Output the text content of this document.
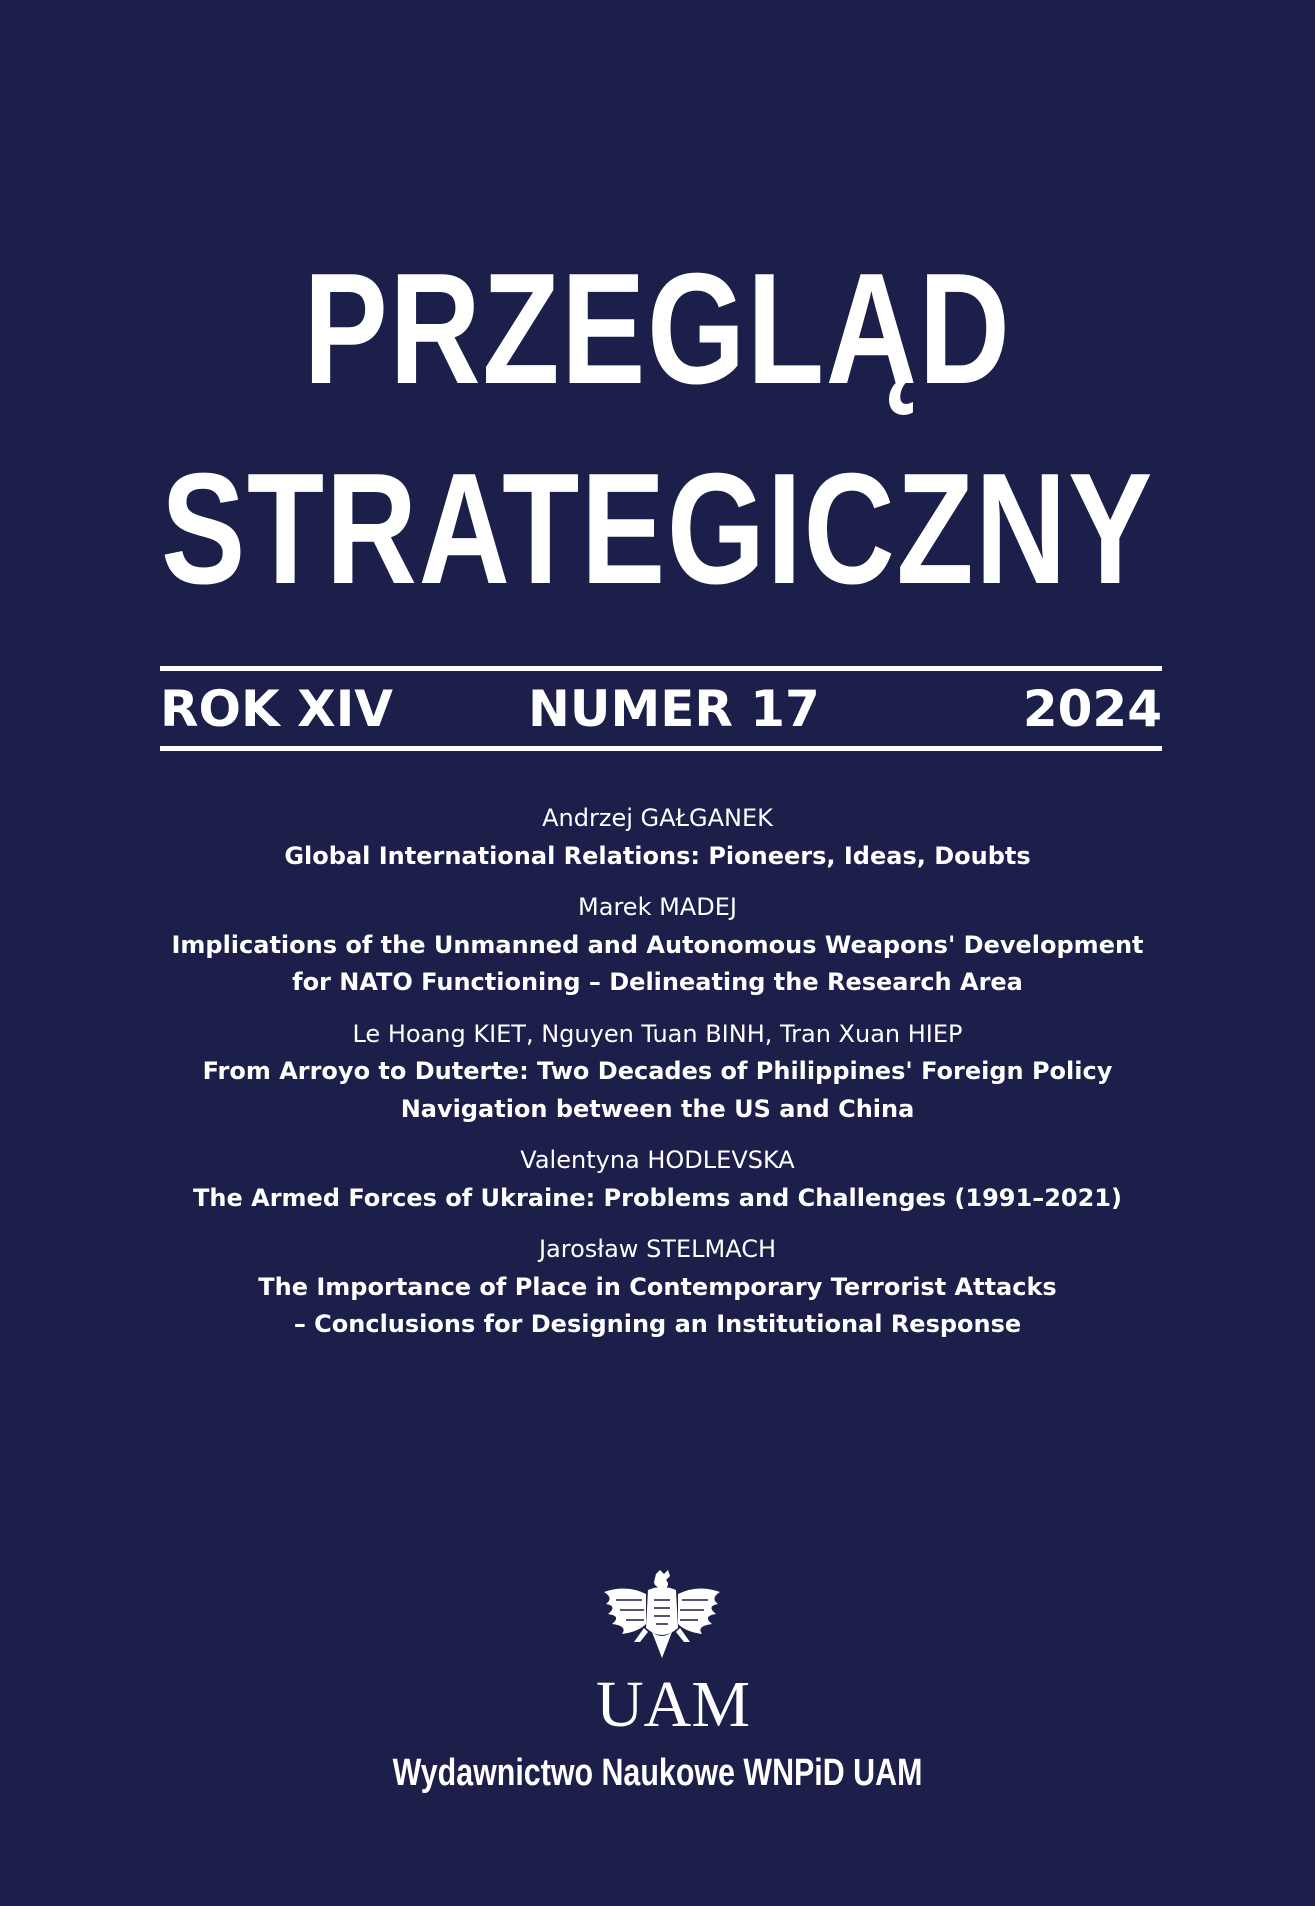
PRZEGLĄD
STRATEGICZNY
ROK XIV	NUMER 17	2024
Andrzej GAŁGANEK
Global International Relations: Pioneers, Ideas, Doubts
Marek MADEJ
Implications of the Unmanned and Autonomous Weapons' Development
for NATO Functioning – Delineating the Research Area
Le Hoang KIET, Nguyen Tuan BINH, Tran Xuan HIEP
From Arroyo to Duterte: Two Decades of Philippines' Foreign Policy
Navigation between the US and China
Valentyna HODLEVSKA
The Armed Forces of Ukraine: Problems and Challenges (1991–2021)
Jarosław STELMACH
The Importance of Place in Contemporary Terrorist Attacks
– Conclusions for Designing an Institutional Response
UAM
Wydawnictwo Naukowe WNPiD UAM
